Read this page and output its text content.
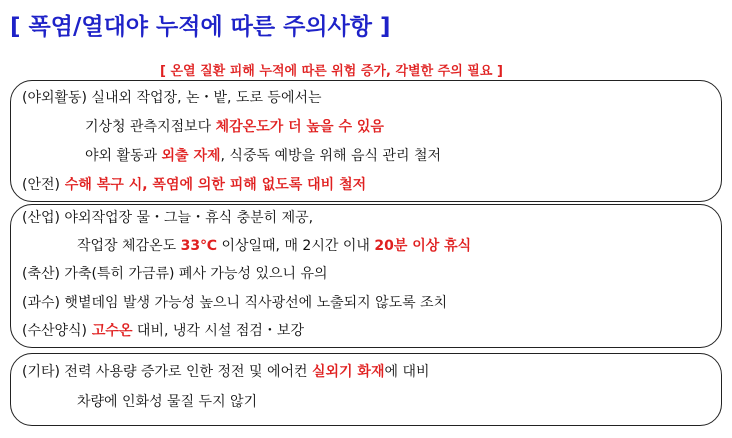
[ 폭염/열대야 누적에 따른 주의사항 ]
[ 온열 질환 피해 누적에 따른 위험 증가, 각별한 주의 필요 ]
(야외활동) 실내외 작업장, 논・밭, 도로 등에서는
기상청 관측지점보다 체감온도가 더 높을 수 있음
야외 활동과 외출 자제, 식중독 예방을 위해 음식 관리 철저
(안전) 수해 복구 시, 폭염에 의한 피해 없도록 대비 철저
(산업) 야외작업장 물・그늘・휴식 충분히 제공,
작업장 체감온도 33℃ 이상일때, 매 2시간 이내 20분 이상 휴식
(축산) 가축(특히 가금류) 폐사 가능성 있으니 유의
(과수) 햇볕데임 발생 가능성 높으니 직사광선에 노출되지 않도록 조치
(수산양식) 고수온 대비, 냉각 시설 점검・보강
(기타) 전력 사용량 증가로 인한 정전 및 에어컨 실외기 화재에 대비
차량에 인화성 물질 두지 않기
